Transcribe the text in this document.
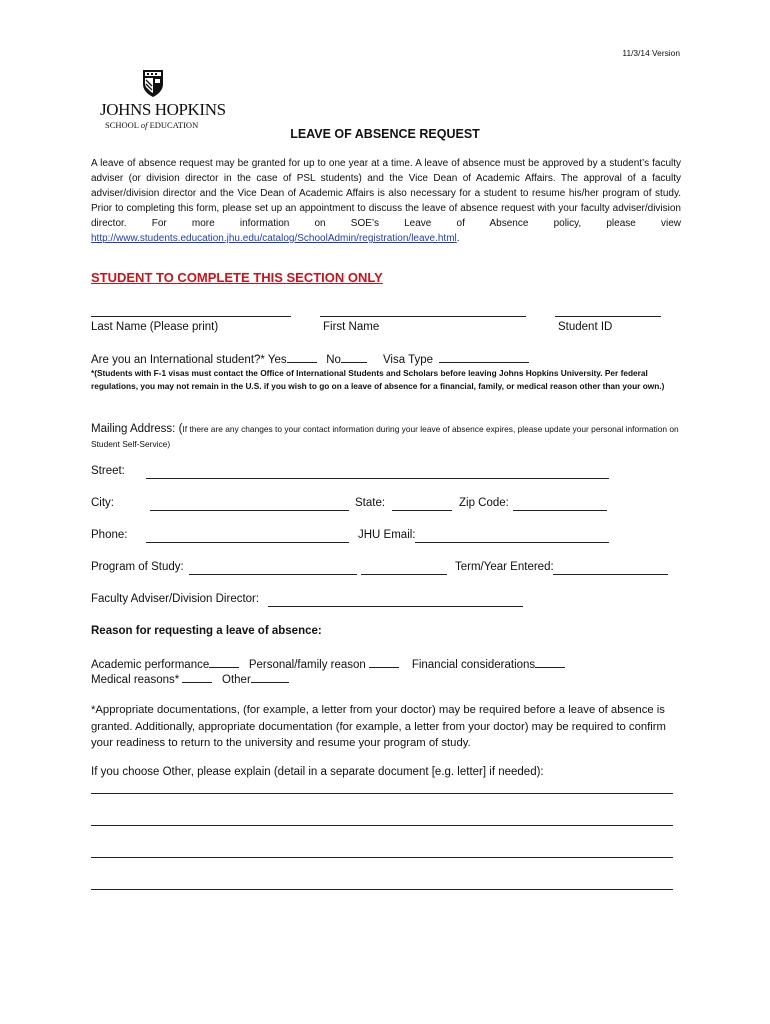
11/3/14 Version
JOHNS HOPKINS
SCHOOL of EDUCATION
LEAVE OF ABSENCE REQUEST
A leave of absence request may be granted for up to one year at a time. A leave of absence must be approved by a student’s faculty adviser (or division director in the case of PSL students) and the Vice Dean of Academic Affairs. The approval of a faculty adviser/division director and the Vice Dean of Academic Affairs is also necessary for a student to resume his/her program of study. Prior to completing this form, please set up an appointment to discuss the leave of absence request with your faculty adviser/division director. For more information on SOE’s Leave of Absence policy, please view http://www.students.education.jhu.edu/catalog/SchoolAdmin/registration/leave.html.
STUDENT TO COMPLETE THIS SECTION ONLY
Last Name (Please print)	First Name	Student ID
Are you an International student?* Yes	No	Visa Type
*(Students with F-1 visas must contact the Office of International Students and Scholars before leaving Johns Hopkins University. Per federal regulations, you may not remain in the U.S. if you wish to go on a leave of absence for a financial, family, or medical reason other than your own.)
Mailing Address: (If there are any changes to your contact information during your leave of absence expires, please update your personal information on Student Self-Service)
Street:
City:	State:	Zip Code:
Phone:	JHU Email:
Program of Study:	Term/Year Entered:
Faculty Adviser/Division Director:
Reason for requesting a leave of absence:
Academic performance	Personal/family reason	Financial considerations
Medical reasons*	Other
*Appropriate documentations, (for example, a letter from your doctor) may be required before a leave of absence is granted. Additionally, appropriate documentation (for example, a letter from your doctor) may be required to confirm your readiness to return to the university and resume your program of study.
If you choose Other, please explain (detail in a separate document [e.g. letter] if needed):
